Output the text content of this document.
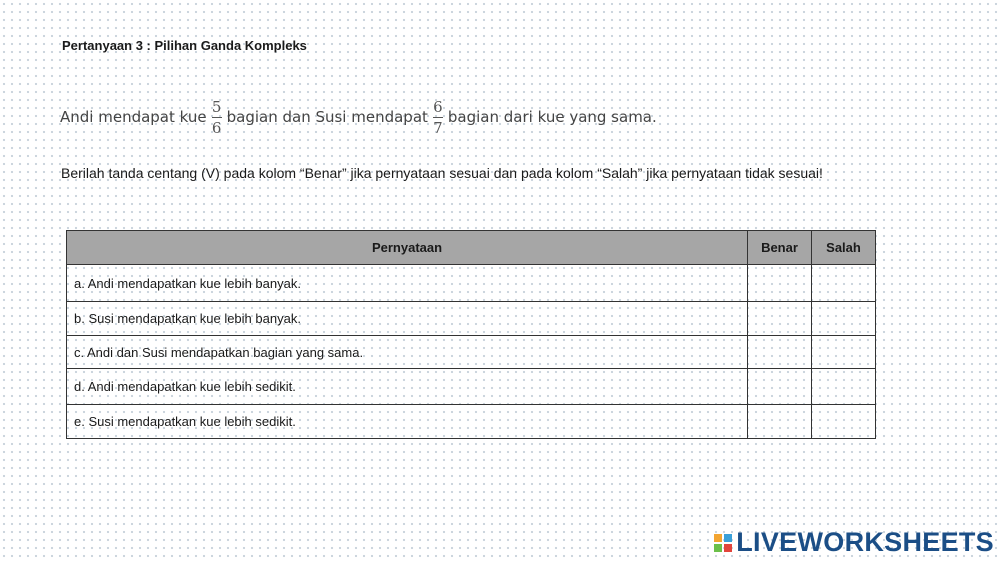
Pertanyaan 3 : Pilihan Ganda Kompleks
Andi mendapat kue $\frac{5}{6}$ bagian dan Susi mendapat $\frac{6}{7}$ bagian dari kue yang sama.

Berilah tanda centang (V) pada kolom “Benar” jika pernyataan sesuai dan pada kolom “Salah” jika pernyataan tidak sesuai!

Pernyataan	Benar	Salah
a. Andi mendapatkan kue lebih banyak.		
b. Susi mendapatkan kue lebih banyak.		
c. Andi dan Susi mendapatkan bagian yang sama.		
d. Andi mendapatkan kue lebih sedikit.		
e. Susi mendapatkan kue lebih sedikit.		
LIVEWORKSHEETS
